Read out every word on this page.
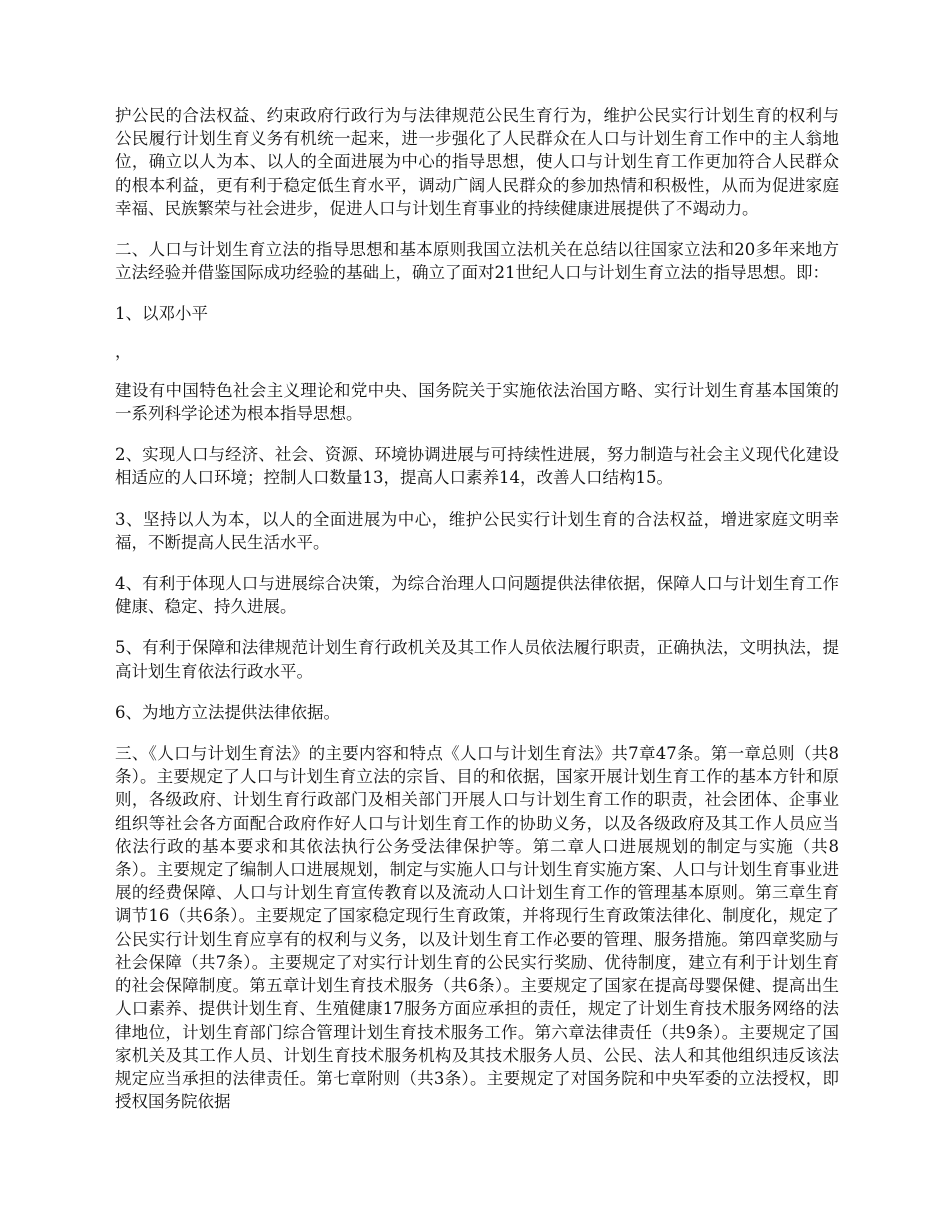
护公民的合法权益、约束政府行政行为与法律规范公民生育行为，维护公民实行计划生育的权利与公民履行计划生育义务有机统一起来，进一步强化了人民群众在人口与计划生育工作中的主人翁地位，确立以人为本、以人的全面进展为中心的指导思想，使人口与计划生育工作更加符合人民群众的根本利益，更有利于稳定低生育水平，调动广阔人民群众的参加热情和积极性，从而为促进家庭幸福、民族繁荣与社会进步，促进人口与计划生育事业的持续健康进展提供了不竭动力。

二、人口与计划生育立法的指导思想和基本原则我国立法机关在总结以往国家立法和20多年来地方立法经验并借鉴国际成功经验的基础上，确立了面对21世纪人口与计划生育立法的指导思想。即：

1、以邓小平

，

建设有中国特色社会主义理论和党中央、国务院关于实施依法治国方略、实行计划生育基本国策的一系列科学论述为根本指导思想。

2、实现人口与经济、社会、资源、环境协调进展与可持续性进展，努力制造与社会主义现代化建设相适应的人口环境；控制人口数量13，提高人口素养14，改善人口结构15。

3、坚持以人为本，以人的全面进展为中心，维护公民实行计划生育的合法权益，增进家庭文明幸福，不断提高人民生活水平。

4、有利于体现人口与进展综合决策，为综合治理人口问题提供法律依据，保障人口与计划生育工作健康、稳定、持久进展。

5、有利于保障和法律规范计划生育行政机关及其工作人员依法履行职责，正确执法，文明执法，提高计划生育依法行政水平。

6、为地方立法提供法律依据。

三、《人口与计划生育法》的主要内容和特点《人口与计划生育法》共7章47条。第一章总则（共8条）。主要规定了人口与计划生育立法的宗旨、目的和依据，国家开展计划生育工作的基本方针和原则，各级政府、计划生育行政部门及相关部门开展人口与计划生育工作的职责，社会团体、企事业组织等社会各方面配合政府作好人口与计划生育工作的协助义务，以及各级政府及其工作人员应当依法行政的基本要求和其依法执行公务受法律保护等。第二章人口进展规划的制定与实施（共8条）。主要规定了编制人口进展规划，制定与实施人口与计划生育实施方案、人口与计划生育事业进展的经费保障、人口与计划生育宣传教育以及流动人口计划生育工作的管理基本原则。第三章生育调节16（共6条）。主要规定了国家稳定现行生育政策，并将现行生育政策法律化、制度化，规定了公民实行计划生育应享有的权利与义务，以及计划生育工作必要的管理、服务措施。第四章奖励与社会保障（共7条）。主要规定了对实行计划生育的公民实行奖励、优待制度，建立有利于计划生育的社会保障制度。第五章计划生育技术服务（共6条）。主要规定了国家在提高母婴保健、提高出生人口素养、提供计划生育、生殖健康17服务方面应承担的责任，规定了计划生育技术服务网络的法律地位，计划生育部门综合管理计划生育技术服务工作。第六章法律责任（共9条）。主要规定了国家机关及其工作人员、计划生育技术服务机构及其技术服务人员、公民、法人和其他组织违反该法规定应当承担的法律责任。第七章附则（共3条）。主要规定了对国务院和中央军委的立法授权，即授权国务院依据
